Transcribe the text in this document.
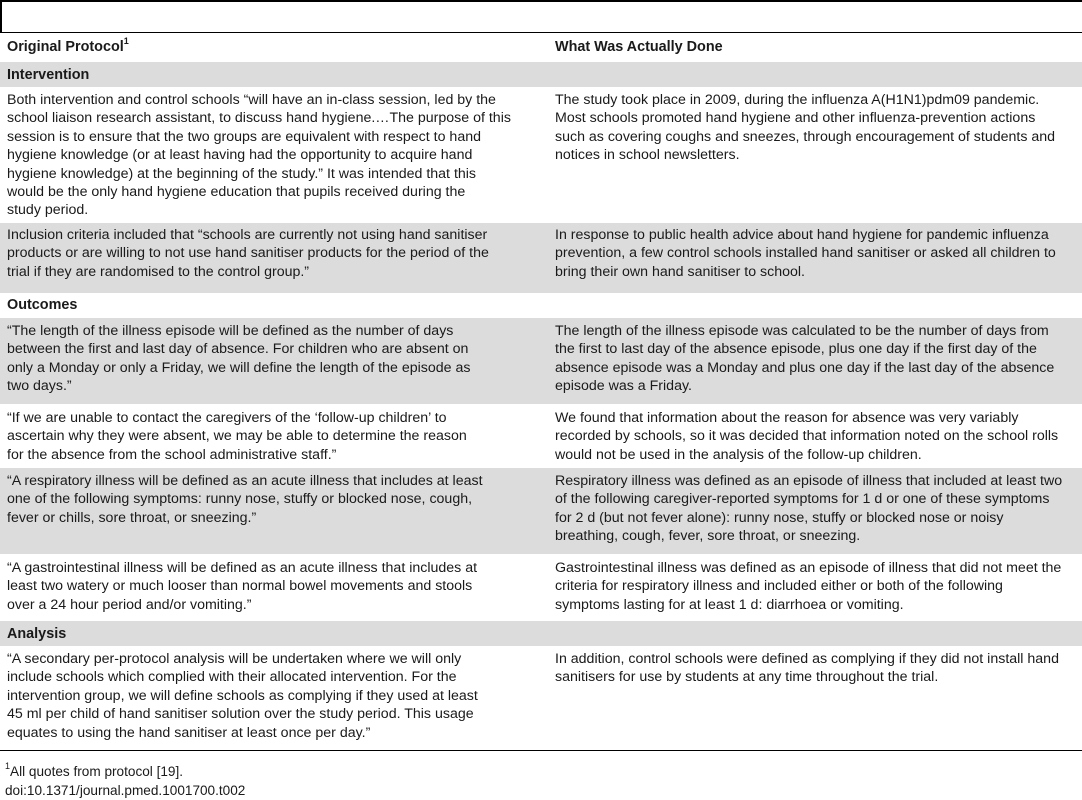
Original Protocol$^1$	What Was Actually Done
Intervention
Both intervention and control schools “will have an in-class session, led by the
school liaison research assistant, to discuss hand hygiene.…The purpose of this
session is to ensure that the two groups are equivalent with respect to hand
hygiene knowledge (or at least having had the opportunity to acquire hand
hygiene knowledge) at the beginning of the study.” It was intended that this
would be the only hand hygiene education that pupils received during the
study period.
The study took place in 2009, during the influenza A(H1N1)pdm09 pandemic.
Most schools promoted hand hygiene and other influenza-prevention actions
such as covering coughs and sneezes, through encouragement of students and
notices in school newsletters.
Inclusion criteria included that “schools are currently not using hand sanitiser
products or are willing to not use hand sanitiser products for the period of the
trial if they are randomised to the control group.”
In response to public health advice about hand hygiene for pandemic influenza
prevention, a few control schools installed hand sanitiser or asked all children to
bring their own hand sanitiser to school.
Outcomes
“The length of the illness episode will be defined as the number of days
between the first and last day of absence. For children who are absent on
only a Monday or only a Friday, we will define the length of the episode as
two days.”
The length of the illness episode was calculated to be the number of days from
the first to last day of the absence episode, plus one day if the first day of the
absence episode was a Monday and plus one day if the last day of the absence
episode was a Friday.
“If we are unable to contact the caregivers of the ‘follow-up children’ to
ascertain why they were absent, we may be able to determine the reason
for the absence from the school administrative staff.”
We found that information about the reason for absence was very variably
recorded by schools, so it was decided that information noted on the school rolls
would not be used in the analysis of the follow-up children.
“A respiratory illness will be defined as an acute illness that includes at least
one of the following symptoms: runny nose, stuffy or blocked nose, cough,
fever or chills, sore throat, or sneezing.”
Respiratory illness was defined as an episode of illness that included at least two
of the following caregiver-reported symptoms for 1 d or one of these symptoms
for 2 d (but not fever alone): runny nose, stuffy or blocked nose or noisy
breathing, cough, fever, sore throat, or sneezing.
“A gastrointestinal illness will be defined as an acute illness that includes at
least two watery or much looser than normal bowel movements and stools
over a 24 hour period and/or vomiting.”
Gastrointestinal illness was defined as an episode of illness that did not meet the
criteria for respiratory illness and included either or both of the following
symptoms lasting for at least 1 d: diarrhoea or vomiting.
Analysis
“A secondary per-protocol analysis will be undertaken where we will only
include schools which complied with their allocated intervention. For the
intervention group, we will define schools as complying if they used at least
45 ml per child of hand sanitiser solution over the study period. This usage
equates to using the hand sanitiser at least once per day.”
In addition, control schools were defined as complying if they did not install hand
sanitisers for use by students at any time throughout the trial.
$^1$All quotes from protocol [19].
doi:10.1371/journal.pmed.1001700.t002
